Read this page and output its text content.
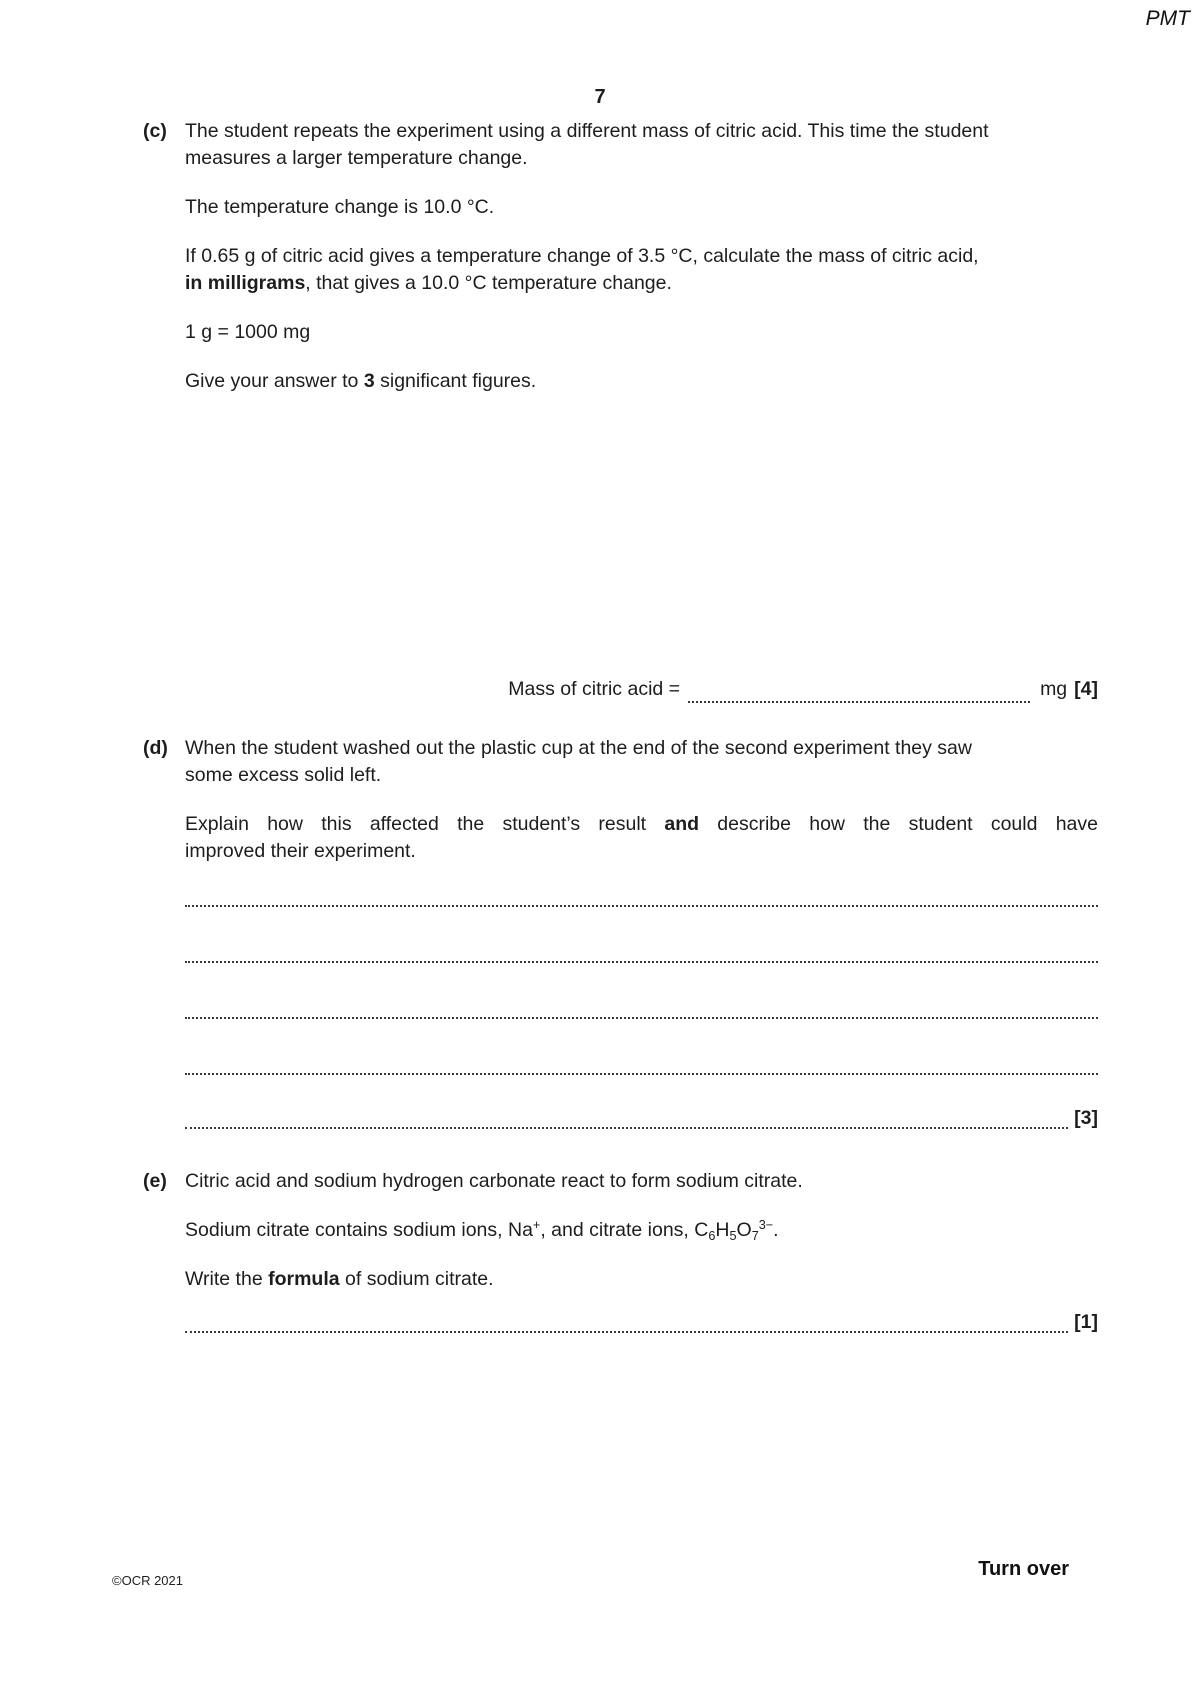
PMT
7
(c) The student repeats the experiment using a different mass of citric acid. This time the student
measures a larger temperature change.
The temperature change is 10.0 °C.
If 0.65 g of citric acid gives a temperature change of 3.5 °C, calculate the mass of citric acid,
in milligrams, that gives a 10.0 °C temperature change.
1 g = 1000 mg
Give your answer to 3 significant figures.
Mass of citric acid =	mg [4]
(d) When the student washed out the plastic cup at the end of the second experiment they saw
some excess solid left.
Explain how this affected the student’s result and describe how the student could have
improved their experiment.
[3]
(e) Citric acid and sodium hydrogen carbonate react to form sodium citrate.
Sodium citrate contains sodium ions, Na+, and citrate ions, $C_6H_5O_7^{3-}$.
Write the formula of sodium citrate.
[1]
©OCR 2021
Turn over
